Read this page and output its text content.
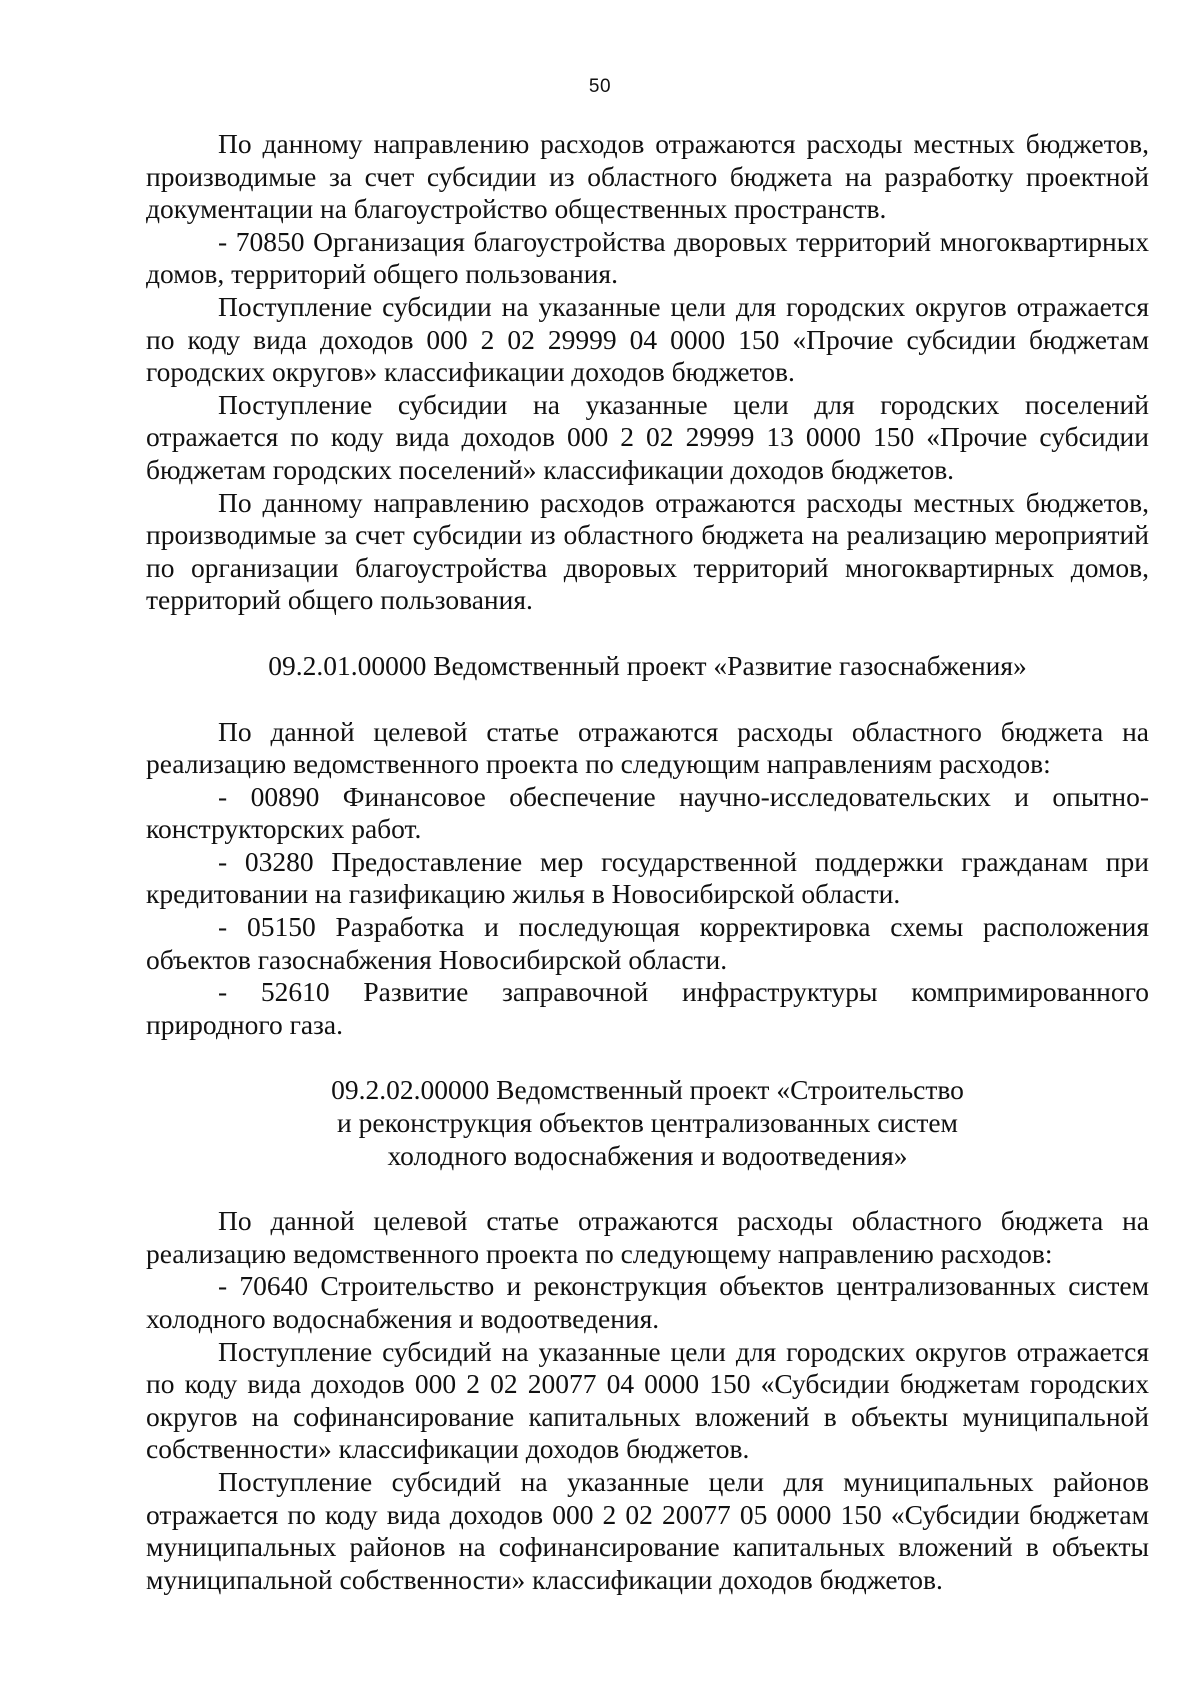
50

По данному направлению расходов отражаются расходы местных бюджетов, производимые за счет субсидии из областного бюджета на разработку проектной документации на благоустройство общественных пространств.

- 70850 Организация благоустройства дворовых территорий многоквартирных домов, территорий общего пользования.

Поступление субсидии на указанные цели для городских округов отражается по коду вида доходов 000 2 02 29999 04 0000 150 «Прочие субсидии бюджетам городских округов» классификации доходов бюджетов.

Поступление субсидии на указанные цели для городских поселений отражается по коду вида доходов 000 2 02 29999 13 0000 150 «Прочие субсидии бюджетам городских поселений» классификации доходов бюджетов.

По данному направлению расходов отражаются расходы местных бюджетов, производимые за счет субсидии из областного бюджета на реализацию мероприятий по организации благоустройства дворовых территорий многоквартирных домов, территорий общего пользования.

09.2.01.00000 Ведомственный проект «Развитие газоснабжения»

По данной целевой статье отражаются расходы областного бюджета на реализацию ведомственного проекта по следующим направлениям расходов:

- 00890 Финансовое обеспечение научно-исследовательских и опытно-конструкторских работ.

- 03280 Предоставление мер государственной поддержки гражданам при кредитовании на газификацию жилья в Новосибирской области.

- 05150 Разработка и последующая корректировка схемы расположения объектов газоснабжения Новосибирской области.

- 52610 Развитие заправочной инфраструктуры компримированного природного газа.

09.2.02.00000 Ведомственный проект «Строительство
и реконструкция объектов централизованных систем
холодного водоснабжения и водоотведения»

По данной целевой статье отражаются расходы областного бюджета на реализацию ведомственного проекта по следующему направлению расходов:

- 70640 Строительство и реконструкция объектов централизованных систем холодного водоснабжения и водоотведения.

Поступление субсидий на указанные цели для городских округов отражается по коду вида доходов 000 2 02 20077 04 0000 150 «Субсидии бюджетам городских округов на софинансирование капитальных вложений в объекты муниципальной собственности» классификации доходов бюджетов.

Поступление субсидий на указанные цели для муниципальных районов отражается по коду вида доходов 000 2 02 20077 05 0000 150 «Субсидии бюджетам муниципальных районов на софинансирование капитальных вложений в объекты муниципальной собственности» классификации доходов бюджетов.
